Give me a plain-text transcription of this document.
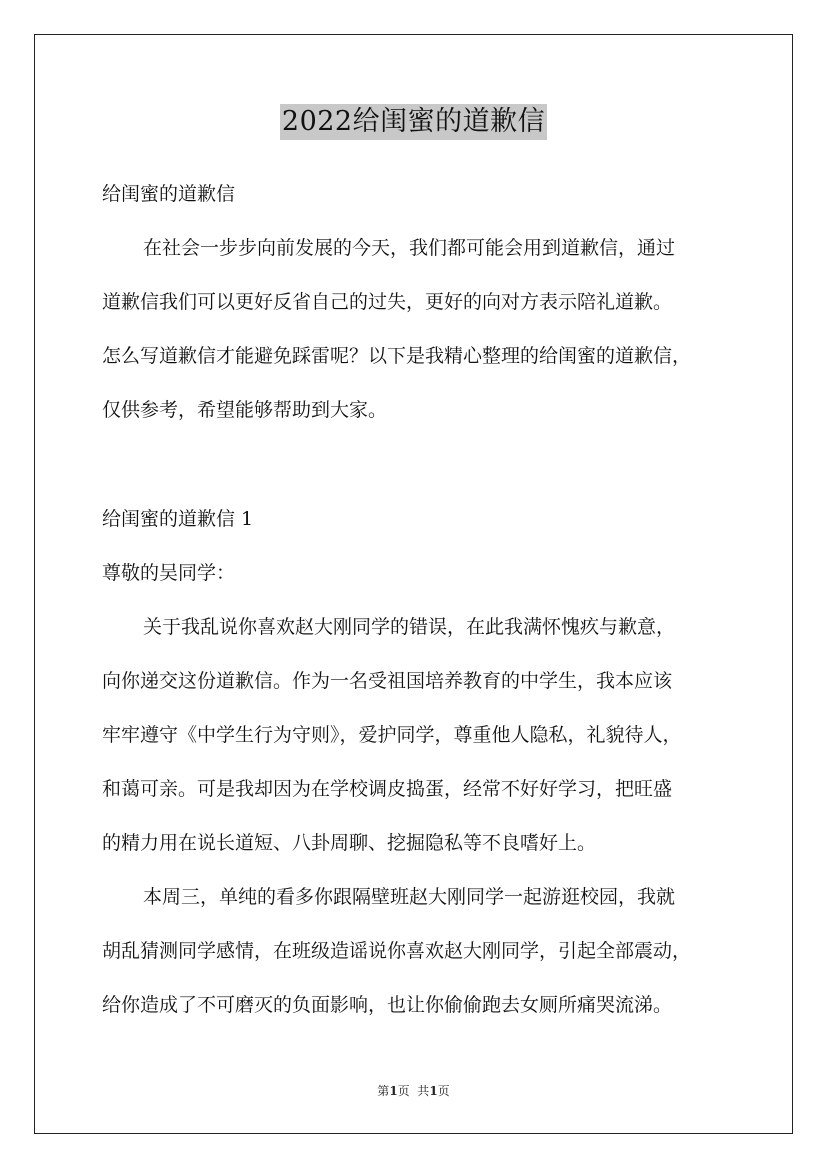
2022给闺蜜的道歉信
给闺蜜的道歉信
在社会一步步向前发展的今天，我们都可能会用到道歉信，通过
道歉信我们可以更好反省自己的过失，更好的向对方表示陪礼道歉。
怎么写道歉信才能避免踩雷呢？以下是我精心整理的给闺蜜的道歉信，
仅供参考，希望能够帮助到大家。
给闺蜜的道歉信 1
尊敬的吴同学：
关于我乱说你喜欢赵大刚同学的错误，在此我满怀愧疚与歉意，
向你递交这份道歉信。作为一名受祖国培养教育的中学生，我本应该
牢牢遵守《中学生行为守则》，爱护同学，尊重他人隐私，礼貌待人，
和蔼可亲。可是我却因为在学校调皮捣蛋，经常不好好学习，把旺盛
的精力用在说长道短、八卦周聊、挖掘隐私等不良嗜好上。
本周三，单纯的看多你跟隔壁班赵大刚同学一起游逛校园，我就
胡乱猜测同学感情，在班级造谣说你喜欢赵大刚同学，引起全部震动，
给你造成了不可磨灭的负面影响，也让你偷偷跑去女厕所痛哭流涕。
第1页  共1页
